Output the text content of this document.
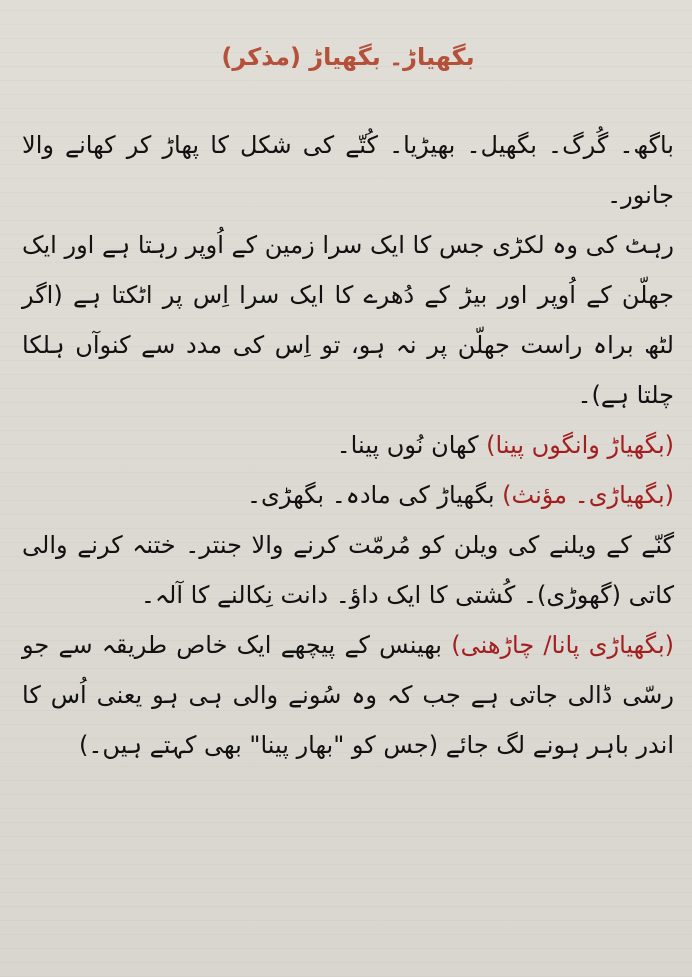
بگھیاڑ۔ بگھیاڑ (مذکر)

باگھ۔ گُرگ۔ بگھیل۔ بھیڑیا۔ کُتّے کی شکل کا پھاڑ کر کھانے والا جانور۔

رہٹ کی وہ لکڑی جس کا ایک سرا زمین کے اُوپر رہتا ہے اور ایک جھلّن کے اُوپر اور بیڑ کے دُھرے کا ایک سرا اِس پر اٹکتا ہے (اگر لٹھ براہ راست جھلّن پر نہ ہو، تو اِس کی مدد سے کنوآں ہلکا چلتا ہے)۔

(بگھیاڑ وانگوں پینا) کھان نُوں پینا۔

(بگھیاڑی۔ مؤنث) بگھیاڑ کی مادہ۔ بگھڑی۔

گنّے کے ویلنے کی ویلن کو مُرمّت کرنے والا جنتر۔ ختنہ کرنے والی کاتی (گھوڑی)۔ کُشتی کا ایک داؤ۔ دانت نِکالنے کا آلہ۔

(بگھیاڑی پانا/ چاڑھنی) بھینس کے پیچھے ایک خاص طریقہ سے جو رسّی ڈالی جاتی ہے جب کہ وہ سُونے والی ہی ہو یعنی اُس کا اندر باہر ہونے لگ جائے (جس کو "بھار پینا" بھی کہتے ہیں۔)
